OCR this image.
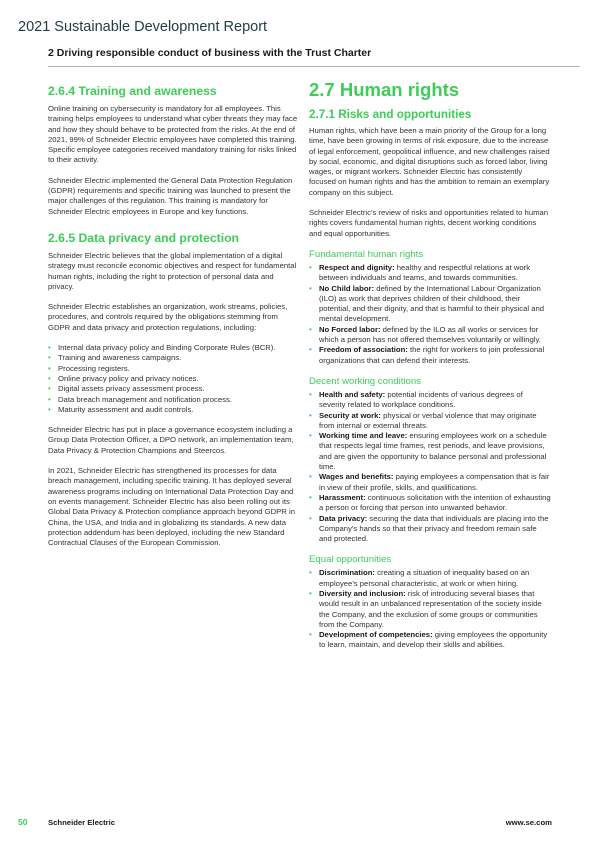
2021 Sustainable Development Report
2 Driving responsible conduct of business with the Trust Charter
2.6.4 Training and awareness

Online training on cybersecurity is mandatory for all employees. This training helps employees to understand what cyber threats they may face and how they should behave to be protected from the risks. At the end of 2021, 99% of Schneider Electric employees have completed this training. Specific employee categories received mandatory training for risks linked to their activity.

Schneider Electric implemented the General Data Protection Regulation (GDPR) requirements and specific training was launched to present the major challenges of this regulation. This training is mandatory for Schneider Electric employees in Europe and key functions.

2.6.5 Data privacy and protection

Schneider Electric believes that the global implementation of a digital strategy must reconcile economic objectives and respect for fundamental human rights, including the right to protection of personal data and privacy.

Schneider Electric establishes an organization, work streams, policies, procedures, and controls required by the obligations stemming from GDPR and data privacy and protection regulations, including:

• Internal data privacy policy and Binding Corporate Rules (BCR).
• Training and awareness campaigns.
• Processing registers.
• Online privacy policy and privacy notices.
• Digital assets privacy assessment process.
• Data breach management and notification process.
• Maturity assessment and audit controls.

Schneider Electric has put in place a governance ecosystem including a Group Data Protection Officer, a DPO network, an implementation team, Data Privacy & Protection Champions and Steercos.

In 2021, Schneider Electric has strengthened its processes for data breach management, including specific training. It has deployed several awareness programs including on International Data Protection Day and on events management. Schneider Electric has also been rolling out its Global Data Privacy & Protection compliance approach beyond GDPR in China, the USA, and India and in globalizing its standards. A new data protection addendum has been deployed, including the new Standard Contractual Clauses of the European Commission.

2.7 Human rights
2.7.1 Risks and opportunities

Human rights, which have been a main priority of the Group for a long time, have been growing in terms of risk exposure, due to the increase of legal enforcement, geopolitical influence, and new challenges raised by social, economic, and digital disruptions such as forced labor, living wages, or migrant workers. Schneider Electric has consistently focused on human rights and has the ambition to remain an exemplary company on this subject.

Schneider Electric's review of risks and opportunities related to human rights covers fundamental human rights, decent working conditions and equal opportunities.

Fundamental human rights
• Respect and dignity: healthy and respectful relations at work between individuals and teams, and towards communities.
• No Child labor: defined by the International Labour Organization (ILO) as work that deprives children of their childhood, their potential, and their dignity, and that is harmful to their physical and mental development.
• No Forced labor: defined by the ILO as all works or services for which a person has not offered themselves voluntarily or willingly.
• Freedom of association: the right for workers to join professional organizations that can defend their interests.
Decent working conditions
• Health and safety: potential incidents of various degrees of severity related to workplace conditions.
• Security at work: physical or verbal violence that may originate from internal or external threats.
• Working time and leave: ensuring employees work on a schedule that respects legal time frames, rest periods, and leave provisions, and are given the opportunity to balance personal and professional time.
• Wages and benefits: paying employees a compensation that is fair in view of their profile, skills, and qualifications.
• Harassment: continuous solicitation with the intention of exhausting a person or forcing that person into unwanted behavior.
• Data privacy: securing the data that individuals are placing into the Company's hands so that their privacy and freedom remain safe and protected.
Equal opportunities
• Discrimination: creating a situation of inequality based on an employee's personal characteristic, at work or when hiring.
• Diversity and inclusion: risk of introducing several biases that would result in an unbalanced representation of the society inside the Company, and the exclusion of some groups or communities from the Company.
• Development of competencies: giving employees the opportunity to learn, maintain, and develop their skills and abilities.
50	Schneider Electric	www.se.com
